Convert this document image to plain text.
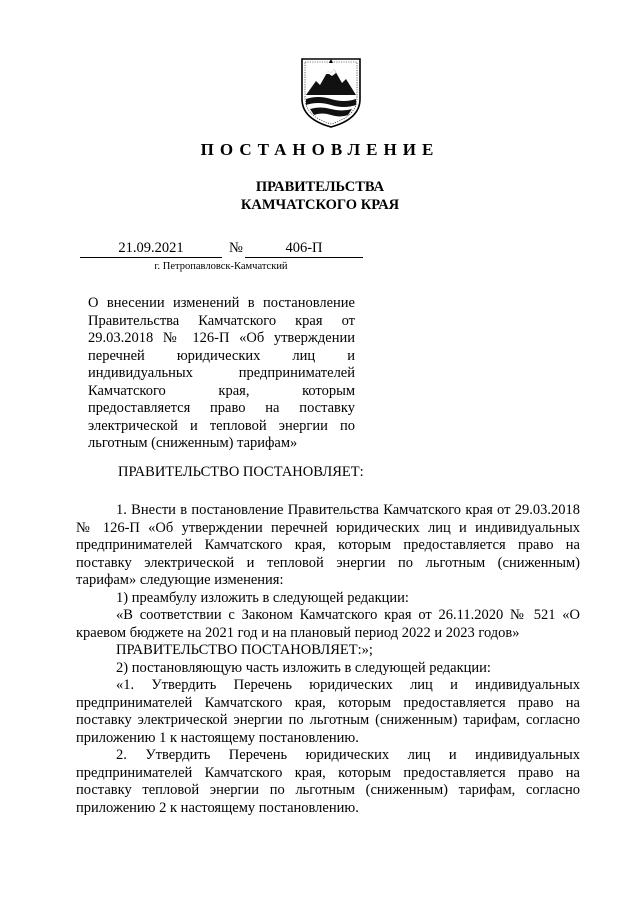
ПОСТАНОВЛЕНИЕ
ПРАВИТЕЛЬСТВА
КАМЧАТСКОГО КРАЯ
21.09.2021	№	406-П
г. Петропавловск-Камчатский
О внесении изменений в постановление Правительства Камчатского края от 29.03.2018 № 126-П «Об утверждении перечней юридических лиц и индивидуальных предпринимателей Камчатского края, которым предоставляется право на поставку электрической и тепловой энергии по льготным (сниженным) тарифам»
ПРАВИТЕЛЬСТВО ПОСТАНОВЛЯЕТ:

1. Внести в постановление Правительства Камчатского края от 29.03.2018 № 126-П «Об утверждении перечней юридических лиц и индивидуальных предпринимателей Камчатского края, которым предоставляется право на поставку электрической и тепловой энергии по льготным (сниженным) тарифам» следующие изменения:

1) преамбулу изложить в следующей редакции:

«В соответствии с Законом Камчатского края от 26.11.2020 № 521 «О краевом бюджете на 2021 год и на плановый период 2022 и 2023 годов»

ПРАВИТЕЛЬСТВО ПОСТАНОВЛЯЕТ:»;

2) постановляющую часть изложить в следующей редакции:

«1. Утвердить Перечень юридических лиц и индивидуальных предпринимателей Камчатского края, которым предоставляется право на поставку электрической энергии по льготным (сниженным) тарифам, согласно приложению 1 к настоящему постановлению.

2. Утвердить Перечень юридических лиц и индивидуальных предпринимателей Камчатского края, которым предоставляется право на поставку тепловой энергии по льготным (сниженным) тарифам, согласно приложению 2 к настоящему постановлению.
